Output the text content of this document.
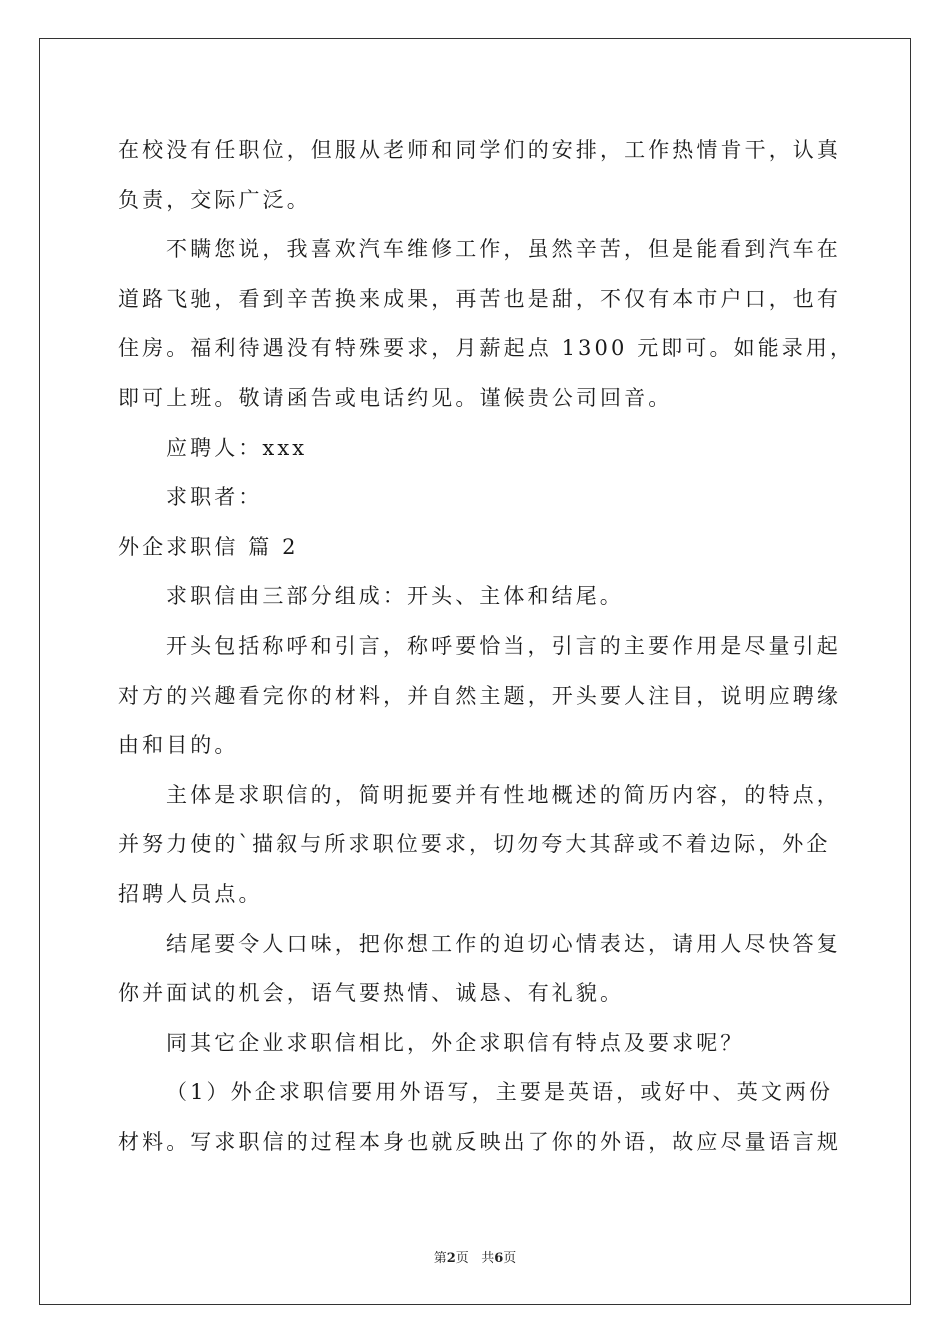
在校没有任职位，但服从老师和同学们的安排，工作热情肯干，认真

负责，交际广泛。

不瞒您说，我喜欢汽车维修工作，虽然辛苦，但是能看到汽车在

道路飞驰，看到辛苦换来成果，再苦也是甜，不仅有本市户口，也有

住房。福利待遇没有特殊要求，月薪起点 1300 元即可。如能录用，

即可上班。敬请函告或电话约见。谨候贵公司回音。

应聘人：xxx

求职者：

外企求职信 篇 2

求职信由三部分组成：开头、主体和结尾。

开头包括称呼和引言，称呼要恰当，引言的主要作用是尽量引起

对方的兴趣看完你的材料，并自然主题，开头要人注目，说明应聘缘

由和目的。

主体是求职信的，简明扼要并有性地概述的简历内容，的特点，

并努力使的`描叙与所求职位要求，切勿夸大其辞或不着边际，外企

招聘人员点。

结尾要令人口味，把你想工作的迫切心情表达，请用人尽快答复

你并面试的机会，语气要热情、诚恳、有礼貌。

同其它企业求职信相比，外企求职信有特点及要求呢？

（1）外企求职信要用外语写，主要是英语，或好中、英文两份

材料。写求职信的过程本身也就反映出了你的外语，故应尽量语言规

第2页 共6页
